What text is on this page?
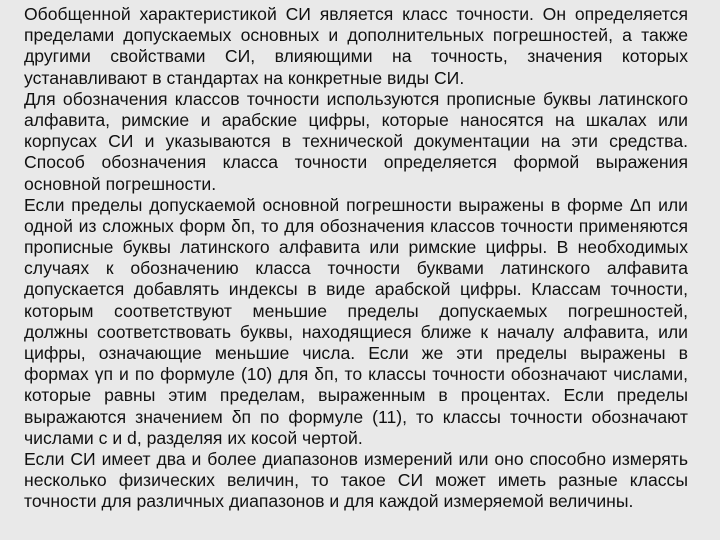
Обобщенной характеристикой СИ является класс точности. Он определяется
пределами допускаемых основных и дополнительных погрешностей, а также
другими свойствами СИ, влияющими на точность, значения которых
устанавливают в стандартах на конкретные виды СИ.
Для обозначения классов точности используются прописные буквы латинского
алфавита, римские и арабские цифры, которые наносятся на шкалах или
корпусах СИ и указываются в технической документации на эти средства.
Способ обозначения класса точности определяется формой выражения
основной погрешности.
Если пределы допускаемой основной погрешности выражены в форме Δп или
одной из сложных форм δп, то для обозначения классов точности применяются
прописные буквы латинского алфавита или римские цифры. В необходимых
случаях к обозначению класса точности буквами латинского алфавита
допускается добавлять индексы в виде арабской цифры. Классам точности,
которым соответствуют меньшие пределы допускаемых погрешностей,
должны соответствовать буквы, находящиеся ближе к началу алфавита, или
цифры, означающие меньшие числа. Если же эти пределы выражены в
формах γп и по формуле (10) для δп, то классы точности обозначают числами,
которые равны этим пределам, выраженным в процентах. Если пределы
выражаются значением δп по формуле (11), то классы точности обозначают
числами с и d, разделяя их косой чертой.
Если СИ имеет два и более диапазонов измерений или оно способно измерять
несколько физических величин, то такое СИ может иметь разные классы
точности для различных диапазонов и для каждой измеряемой величины.
